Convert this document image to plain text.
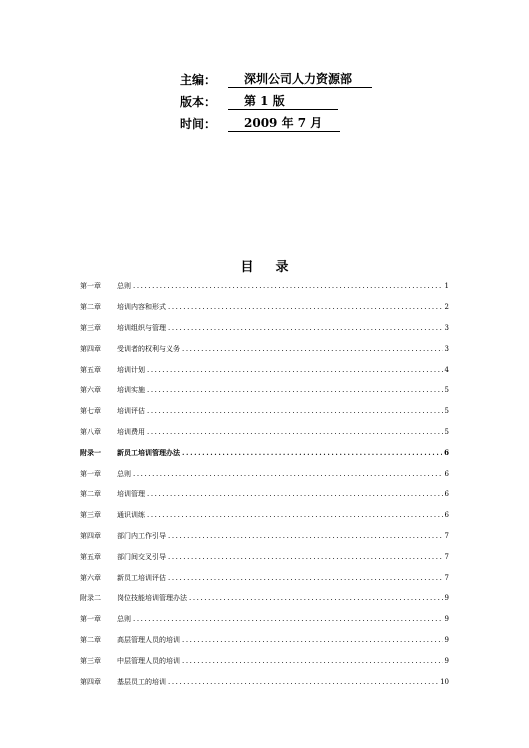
主编：	深圳公司人力资源部
版本：	第 1 版
时间：	2009 年 7 月
目录
第一章	总则 .....	1
第二章	培训内容和形式 .....	2
第三章	培训组织与管理 .....	3
第四章	受训者的权利与义务 .....	3
第五章	培训计划 .....	4
第六章	培训实施 .....	5
第七章	培训评估 .....	5
第八章	培训费用 .....	5
附录一	新员工培训管理办法 .....	6
第一章	总则 .....	6
第二章	培训管理 .....	6
第三章	通识训练 .....	6
第四章	部门内工作引导 .....	7
第五章	部门间交叉引导 .....	7
第六章	新员工培训评估 .....	7
附录二	岗位技能培训管理办法 .....	9
第一章	总则 .....	9
第二章	高层管理人员的培训 .....	9
第三章	中层管理人员的培训 .....	9
第四章	基层员工的培训 .....	10
